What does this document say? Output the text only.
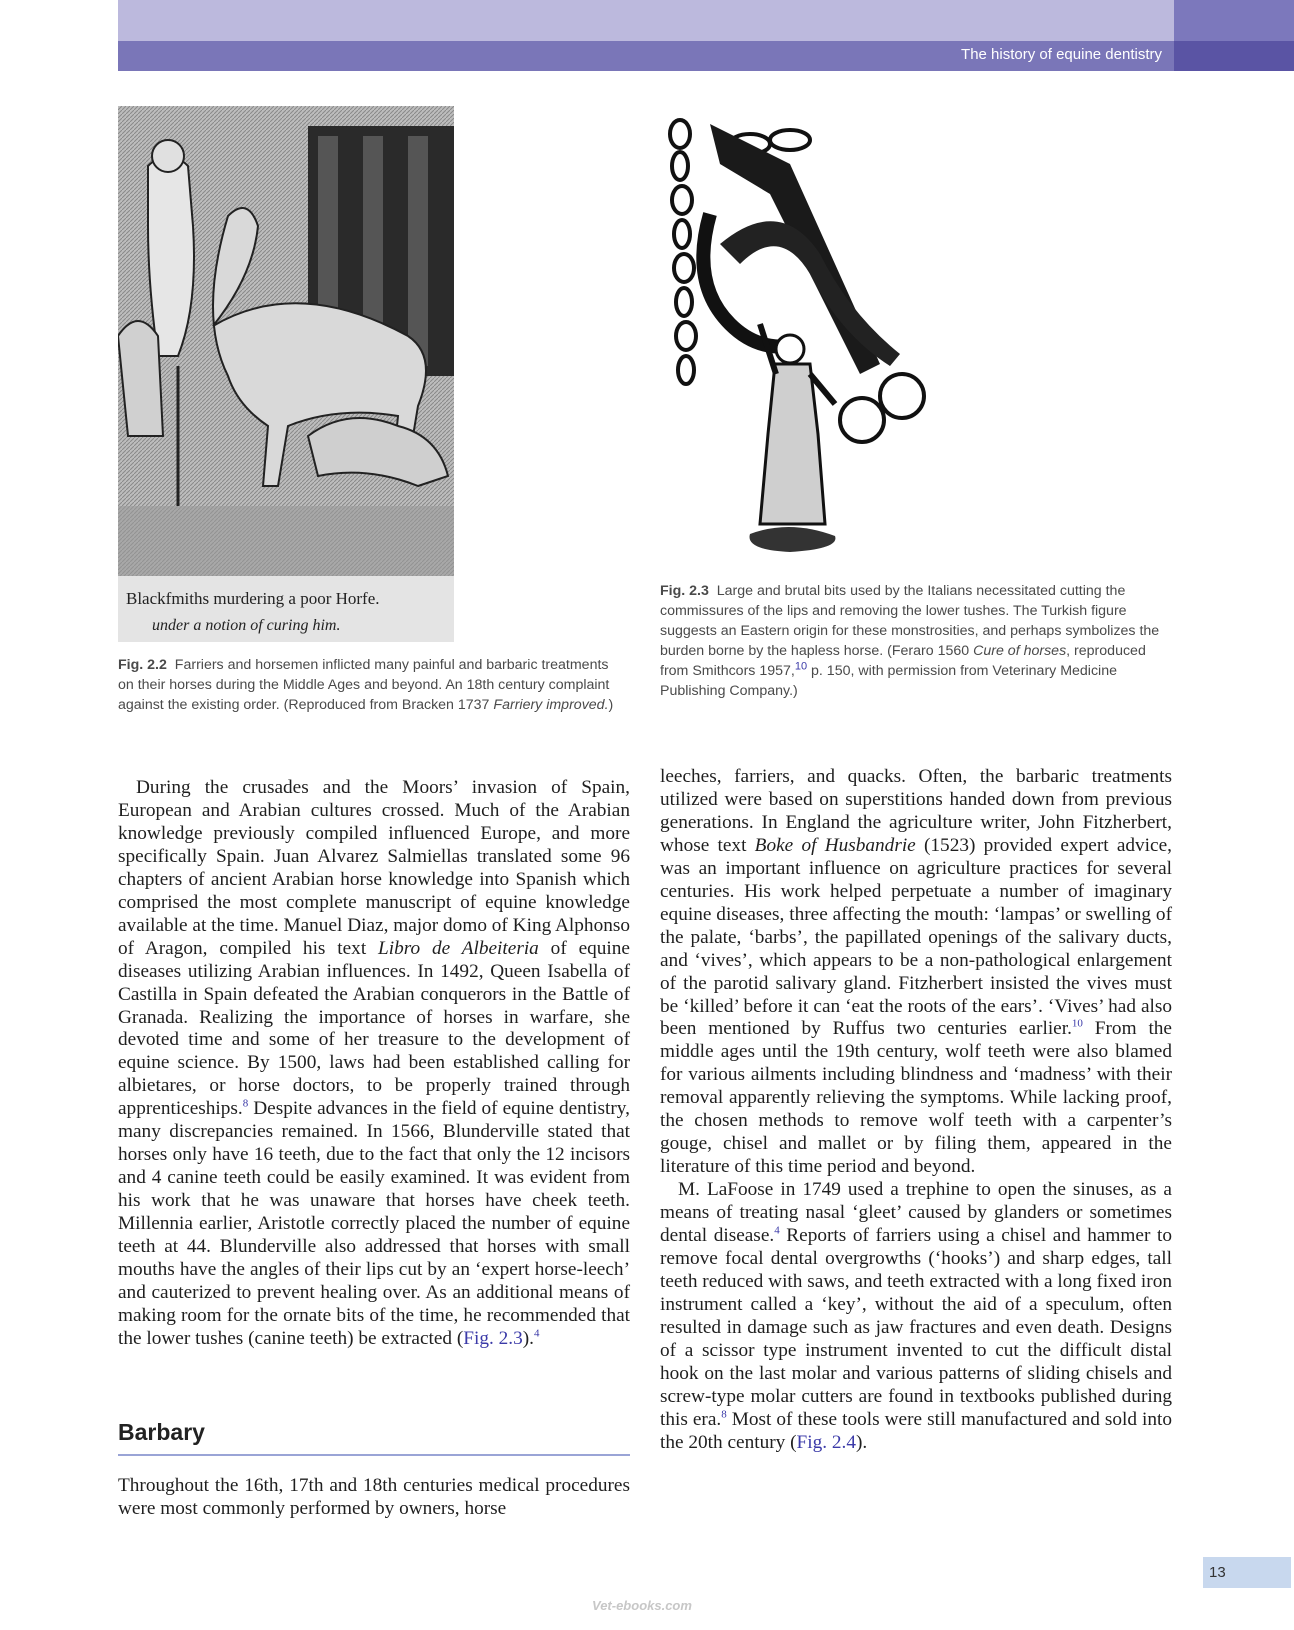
The history of equine dentistry
Blackfmiths murdering a poor Horfe.
under a notion of curing him.
Fig. 2.2 Farriers and horsemen inflicted many painful and barbaric treatments on their horses during the Middle Ages and beyond. An 18th century complaint against the existing order. (Reproduced from Bracken 1737 Farriery improved.)
Fig. 2.3 Large and brutal bits used by the Italians necessitated cutting the commissures of the lips and removing the lower tushes. The Turkish figure suggests an Eastern origin for these monstrosities, and perhaps symbolizes the burden borne by the hapless horse. (Feraro 1560 Cure of horses, reproduced from Smithcors 1957,10 p. 150, with permission from Veterinary Medicine Publishing Company.)

During the crusades and the Moors’ invasion of Spain, European and Arabian cultures crossed. Much of the Arabian knowledge previously compiled influenced Europe, and more specifically Spain. Juan Alvarez Salmiellas translated some 96 chapters of ancient Arabian horse knowledge into Spanish which comprised the most complete manuscript of equine knowledge available at the time. Manuel Diaz, major domo of King Alphonso of Aragon, compiled his text Libro de Albeiteria of equine diseases utilizing Arabian influences. In 1492, Queen Isabella of Castilla in Spain defeated the Arabian conquerors in the Battle of Granada. Realizing the importance of horses in warfare, she devoted time and some of her treasure to the development of equine science. By 1500, laws had been established calling for albietares, or horse doctors, to be properly trained through apprenticeships.$^8$ Despite advances in the field of equine dentistry, many discrepancies remained. In 1566, Blunderville stated that horses only have 16 teeth, due to the fact that only the 12 incisors and 4 canine teeth could be easily examined. It was evident from his work that he was unaware that horses have cheek teeth. Millennia earlier, Aristotle correctly placed the number of equine teeth at 44. Blunderville also addressed that horses with small mouths have the angles of their lips cut by an ‘expert horse-leech’ and cauterized to prevent healing over. As an additional means of making room for the ornate bits of the time, he recommended that the lower tushes (canine teeth) be extracted (Fig. 2.3).$^4$

Barbary

Throughout the 16th, 17th and 18th centuries medical procedures were most commonly performed by owners, horse

leeches, farriers, and quacks. Often, the barbaric treatments utilized were based on superstitions handed down from previous generations. In England the agriculture writer, John Fitzherbert, whose text Boke of Husbandrie (1523) provided expert advice, was an important influence on agriculture practices for several centuries. His work helped perpetuate a number of imaginary equine diseases, three affecting the mouth: ‘lampas’ or swelling of the palate, ‘barbs’, the papillated openings of the salivary ducts, and ‘vives’, which appears to be a non-pathological enlargement of the parotid salivary gland. Fitzherbert insisted the vives must be ‘killed’ before it can ‘eat the roots of the ears’. ‘Vives’ had also been mentioned by Ruffus two centuries earlier.$^{10}$ From the middle ages until the 19th century, wolf teeth were also blamed for various ailments including blindness and ‘madness’ with their removal apparently relieving the symptoms. While lacking proof, the chosen methods to remove wolf teeth with a carpenter’s gouge, chisel and mallet or by filing them, appeared in the literature of this time period and beyond.

M. LaFoose in 1749 used a trephine to open the sinuses, as a means of treating nasal ‘gleet’ caused by glanders or sometimes dental disease.$^4$ Reports of farriers using a chisel and hammer to remove focal dental overgrowths (‘hooks’) and sharp edges, tall teeth reduced with saws, and teeth extracted with a long fixed iron instrument called a ‘key’, without the aid of a speculum, often resulted in damage such as jaw fractures and even death. Designs of a scissor type instrument invented to cut the difficult distal hook on the last molar and various patterns of sliding chisels and screw-type molar cutters are found in textbooks published during this era.$^8$ Most of these tools were still manufactured and sold into the 20th century (Fig. 2.4).

13
Vet-ebooks.com
